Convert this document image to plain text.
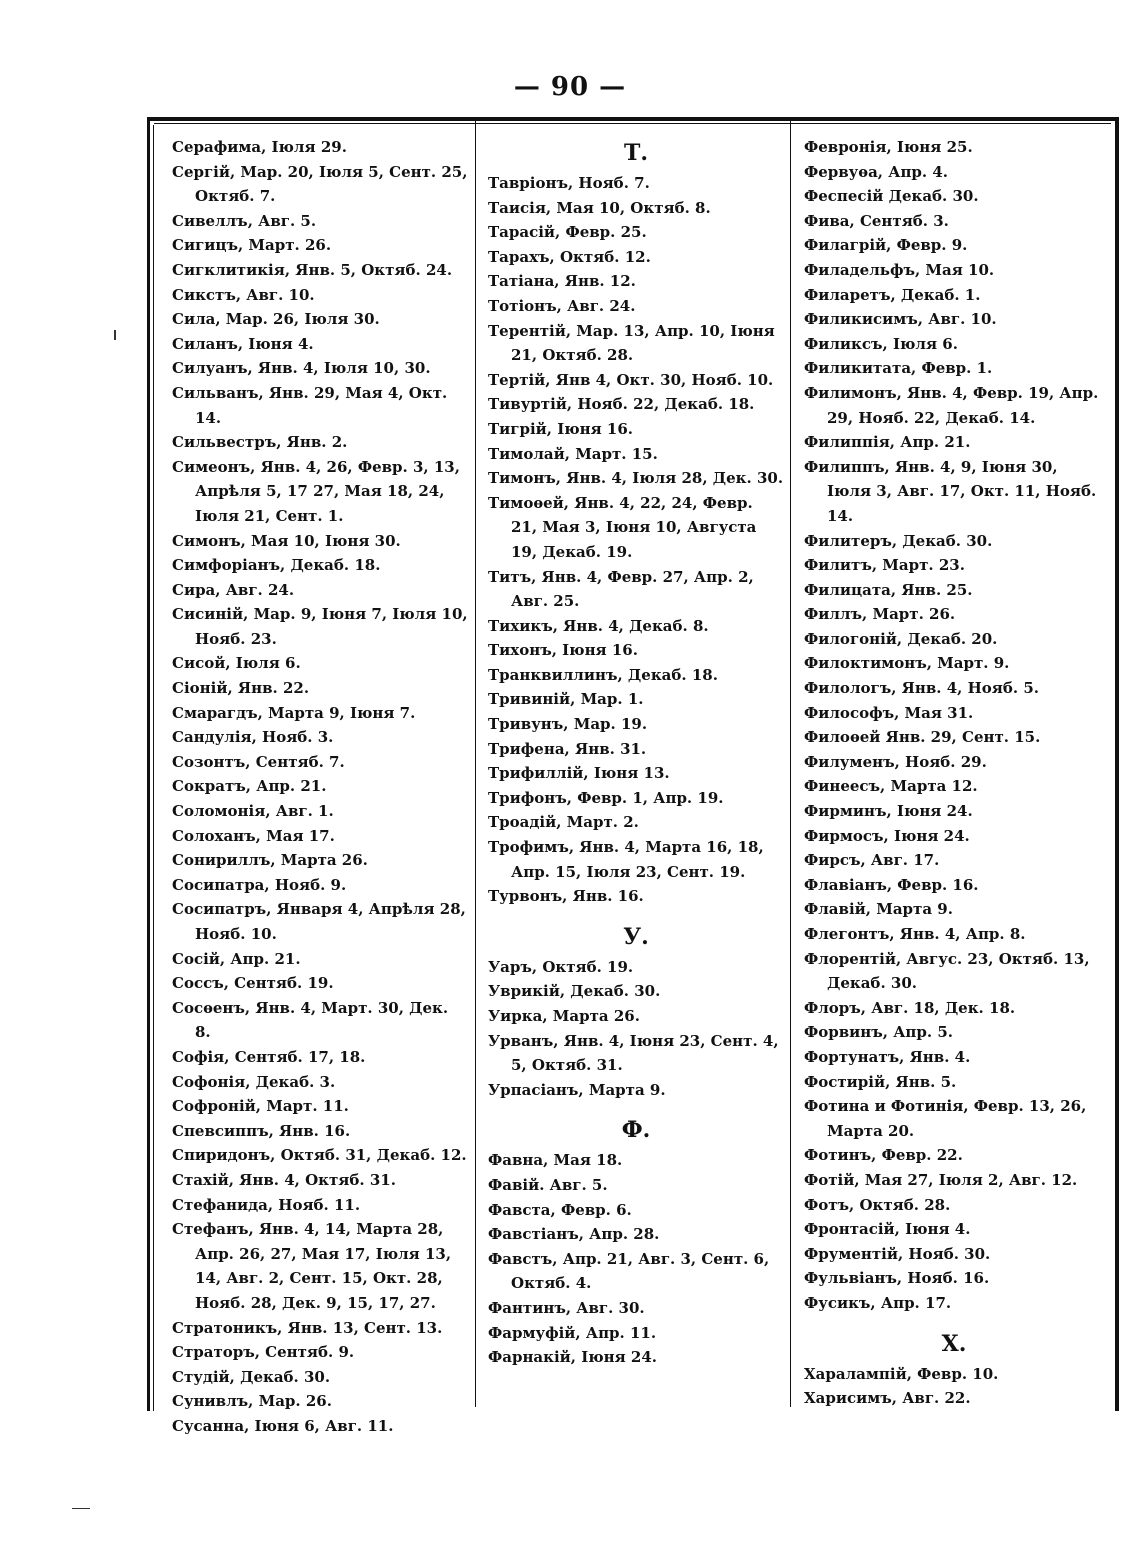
— 90 —
Серафима, Іюля 29.
Сергій, Мар. 20, Іюля 5, Сент. 25, Октяб. 7.
Сивеллъ, Авг. 5.
Сигицъ, Март. 26.
Сигклитикія, Янв. 5, Октяб. 24.
Сикстъ, Авг. 10.
Сила, Мар. 26, Іюля 30.
Силанъ, Іюня 4.
Силуанъ, Янв. 4, Іюля 10, 30.
Сильванъ, Янв. 29, Мая 4, Окт. 14.
Сильвестръ, Янв. 2.
Симеонъ, Янв. 4, 26, Февр. 3, 13, Апрѣля 5, 17 27, Мая 18, 24, Іюля 21, Сент. 1.
Симонъ, Мая 10, Іюня 30.
Симфоріанъ, Декаб. 18.
Сира, Авг. 24.
Сисиній, Мар. 9, Іюня 7, Іюля 10, Нояб. 23.
Сисой, Іюля 6.
Сіоній, Янв. 22.
Смарагдъ, Марта 9, Іюня 7.
Сандулія, Нояб. 3.
Созонтъ, Сентяб. 7.
Сократъ, Апр. 21.
Соломонія, Авг. 1.
Солоханъ, Мая 17.
Сонириллъ, Марта 26.
Сосипатра, Нояб. 9.
Сосипатръ, Января 4, Апрѣля 28, Нояб. 10.
Сосій, Апр. 21.
Соссъ, Сентяб. 19.
Сосѳенъ, Янв. 4, Март. 30, Дек. 8.
Софія, Сентяб. 17, 18.
Софонія, Декаб. 3.
Софроній, Март. 11.
Спевсиппъ, Янв. 16.
Спиридонъ, Октяб. 31, Декаб. 12.
Стахій, Янв. 4, Октяб. 31.
Стефанида, Нояб. 11.
Стефанъ, Янв. 4, 14, Марта 28, Апр. 26, 27, Мая 17, Іюля 13, 14, Авг. 2, Сент. 15, Окт. 28, Нояб. 28, Дек. 9, 15, 17, 27.
Стратоникъ, Янв. 13, Сент. 13.
Страторъ, Сентяб. 9.
Студій, Декаб. 30.
Сунивлъ, Мар. 26.
Сусанна, Іюня 6, Авг. 11.
Т.
Тавріонъ, Нояб. 7.
Таисія, Мая 10, Октяб. 8.
Тарасій, Февр. 25.
Тарахъ, Октяб. 12.
Татіана, Янв. 12.
Тотіонъ, Авг. 24.
Терентій, Мар. 13, Апр. 10, Іюня 21, Октяб. 28.
Тертій, Янв 4, Окт. 30, Нояб. 10.
Тивуртій, Нояб. 22, Декаб. 18.
Тигрій, Іюня 16.
Тимолай, Март. 15.
Тимонъ, Янв. 4, Іюля 28, Дек. 30.
Тимоѳей, Янв. 4, 22, 24, Февр. 21, Мая 3, Іюня 10, Августа 19, Декаб. 19.
Титъ, Янв. 4, Февр. 27, Апр. 2, Авг. 25.
Тихикъ, Янв. 4, Декаб. 8.
Тихонъ, Іюня 16.
Транквиллинъ, Декаб. 18.
Тривиній, Мар. 1.
Тривунъ, Мар. 19.
Трифена, Янв. 31.
Трифиллій, Іюня 13.
Трифонъ, Февр. 1, Апр. 19.
Троадій, Март. 2.
Трофимъ, Янв. 4, Марта 16, 18, Апр. 15, Іюля 23, Сент. 19.
Турвонъ, Янв. 16.
У.
Уаръ, Октяб. 19.
Уврикій, Декаб. 30.
Уирка, Марта 26.
Урванъ, Янв. 4, Іюня 23, Сент. 4, 5, Октяб. 31.
Урпасіанъ, Марта 9.
Ф.
Фавна, Мая 18.
Фавій. Авг. 5.
Фавста, Февр. 6.
Фавстіанъ, Апр. 28.
Фавстъ, Апр. 21, Авг. 3, Сент. 6, Октяб. 4.
Фантинъ, Авг. 30.
Фармуфій, Апр. 11.
Фарнакій, Іюня 24.
Февронія, Іюня 25.
Фервуѳа, Апр. 4.
Феспесій Декаб. 30.
Фива, Сентяб. 3.
Филагрій, Февр. 9.
Филадельфъ, Мая 10.
Филаретъ, Декаб. 1.
Филикисимъ, Авг. 10.
Филиксъ, Іюля 6.
Филикитата, Февр. 1.
Филимонъ, Янв. 4, Февр. 19, Апр. 29, Нояб. 22, Декаб. 14.
Филиппія, Апр. 21.
Филиппъ, Янв. 4, 9, Іюня 30, Іюля 3, Авг. 17, Окт. 11, Нояб. 14.
Филитеръ, Декаб. 30.
Филитъ, Март. 23.
Филицата, Янв. 25.
Филлъ, Март. 26.
Филогоній, Декаб. 20.
Филоктимонъ, Март. 9.
Филологъ, Янв. 4, Нояб. 5.
Философъ, Мая 31.
Филоѳей Янв. 29, Сент. 15.
Филуменъ, Нояб. 29.
Финеесъ, Марта 12.
Фирминъ, Іюня 24.
Фирмосъ, Іюня 24.
Фирсъ, Авг. 17.
Флавіанъ, Февр. 16.
Флавій, Марта 9.
Флегонтъ, Янв. 4, Апр. 8.
Флорентій, Авгус. 23, Октяб. 13, Декаб. 30.
Флоръ, Авг. 18, Дек. 18.
Форвинъ, Апр. 5.
Фортунатъ, Янв. 4.
Фостирій, Янв. 5.
Фотина и Фотинія, Февр. 13, 26, Марта 20.
Фотинъ, Февр. 22.
Фотій, Мая 27, Іюля 2, Авг. 12.
Фотъ, Октяб. 28.
Фронтасій, Іюня 4.
Фрументій, Нояб. 30.
Фульвіанъ, Нояб. 16.
Фусикъ, Апр. 17.
Х.
Харалампій, Февр. 10.
Харисимъ, Авг. 22.
